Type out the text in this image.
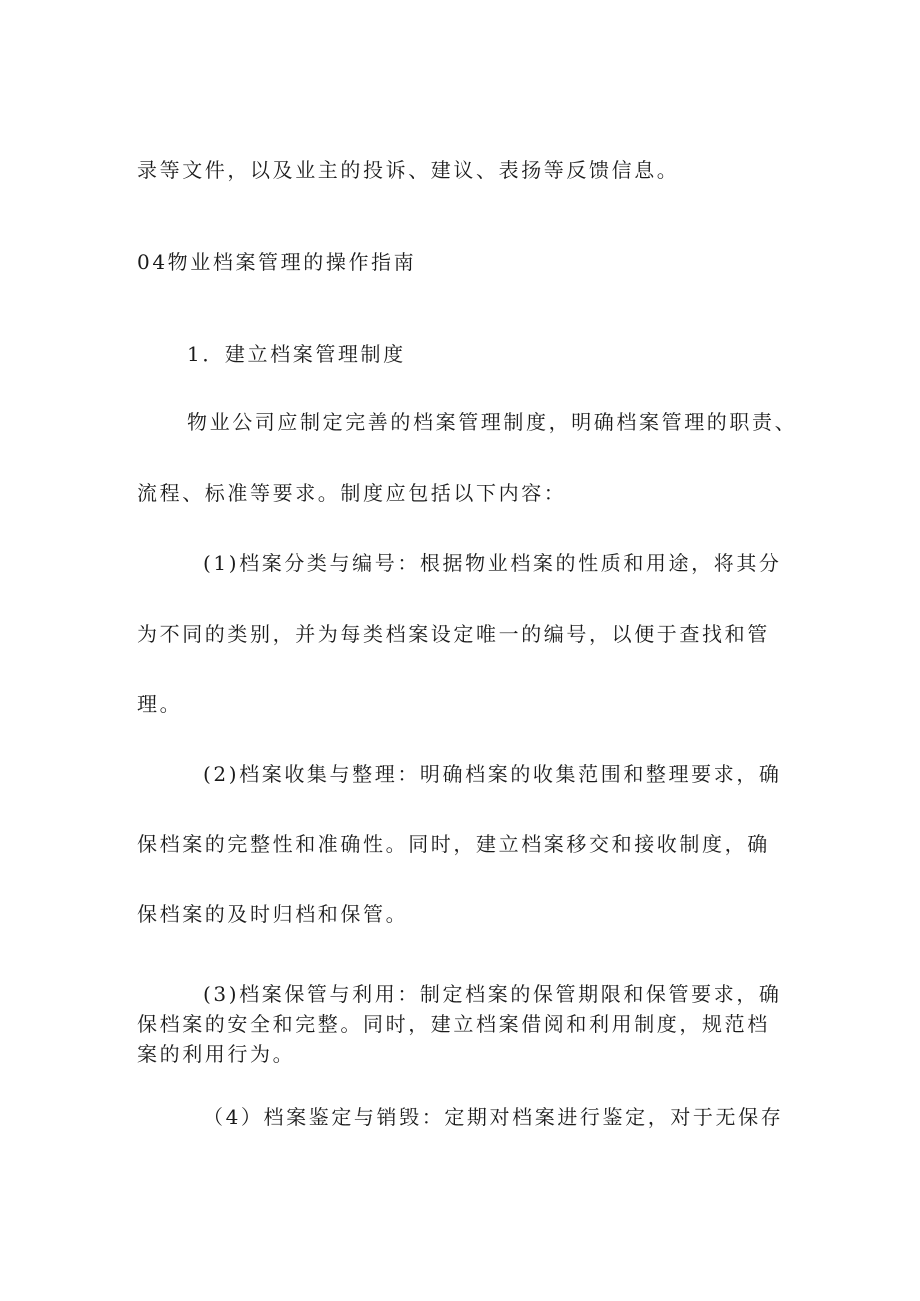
录等文件，以及业主的投诉、建议、表扬等反馈信息。
04物业档案管理的操作指南
1．建立档案管理制度
物业公司应制定完善的档案管理制度，明确档案管理的职责、
流程、标准等要求。制度应包括以下内容：
(1)档案分类与编号：根据物业档案的性质和用途，将其分
为不同的类别，并为每类档案设定唯一的编号，以便于查找和管
理。
(2)档案收集与整理：明确档案的收集范围和整理要求，确
保档案的完整性和准确性。同时，建立档案移交和接收制度，确
保档案的及时归档和保管。
(3)档案保管与利用：制定档案的保管期限和保管要求，确
保档案的安全和完整。同时，建立档案借阅和利用制度，规范档
案的利用行为。
（4）档案鉴定与销毁：定期对档案进行鉴定，对于无保存
